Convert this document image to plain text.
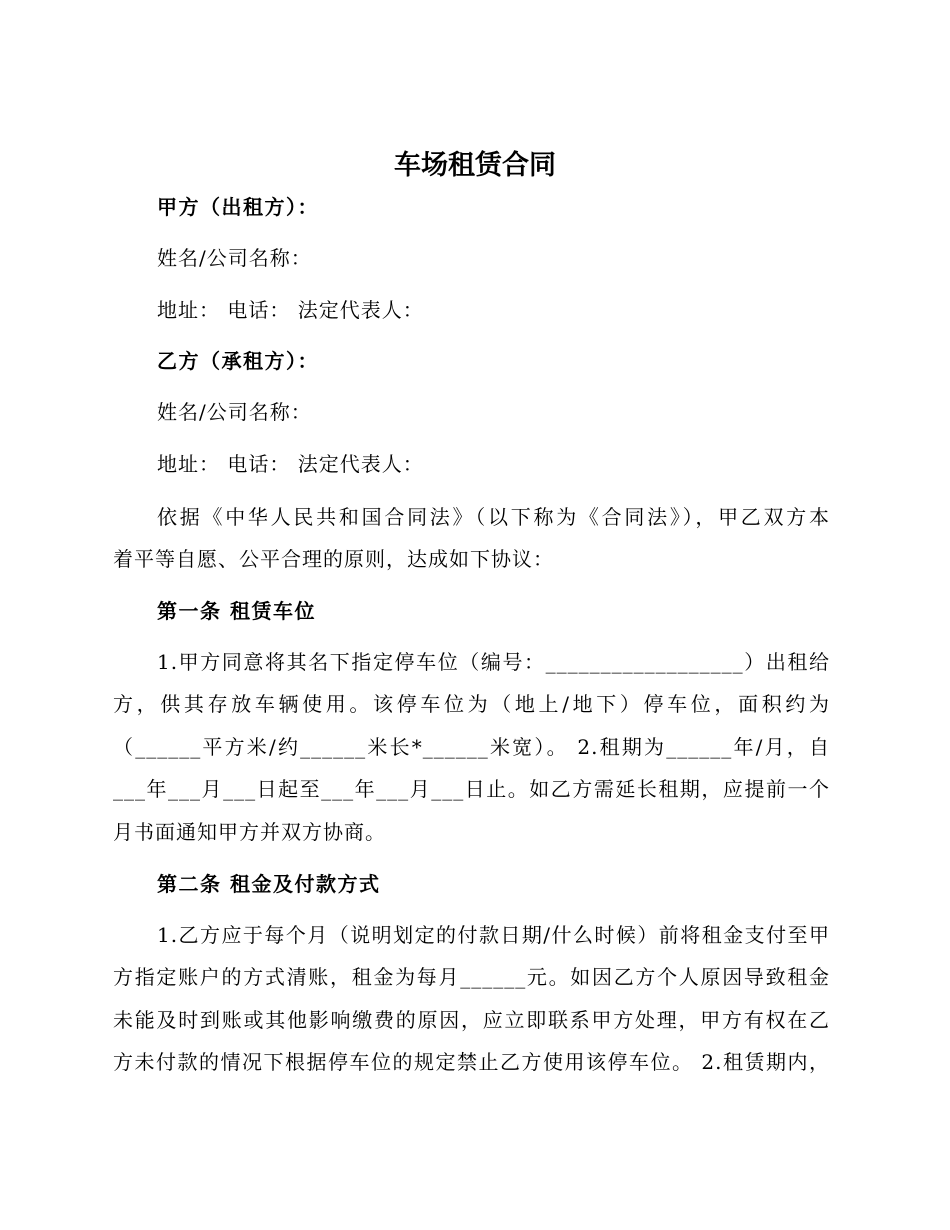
车场租赁合同
甲方（出租方）：
姓名/公司名称：
地址： 电话： 法定代表人：
乙方（承租方）：
姓名/公司名称：
地址： 电话： 法定代表人：
依据《中华人民共和国合同法》（以下称为《合同法》），甲乙双方本
着平等自愿、公平合理的原则，达成如下协议：
第一条 租赁车位
1.甲方同意将其名下指定停车位（编号：__________________）出租给
方，供其存放车辆使用。该停车位为（地上/地下）停车位，面积约为
（______平方米/约______米长*______米宽）。 2.租期为______年/月，自
___年___月___日起至___年___月___日止。如乙方需延长租期，应提前一个
月书面通知甲方并双方协商。
第二条 租金及付款方式
1.乙方应于每个月（说明划定的付款日期/什么时候）前将租金支付至甲
方指定账户的方式清账，租金为每月______元。如因乙方个人原因导致租金
未能及时到账或其他影响缴费的原因，应立即联系甲方处理，甲方有权在乙
方未付款的情况下根据停车位的规定禁止乙方使用该停车位。 2.租赁期内，
